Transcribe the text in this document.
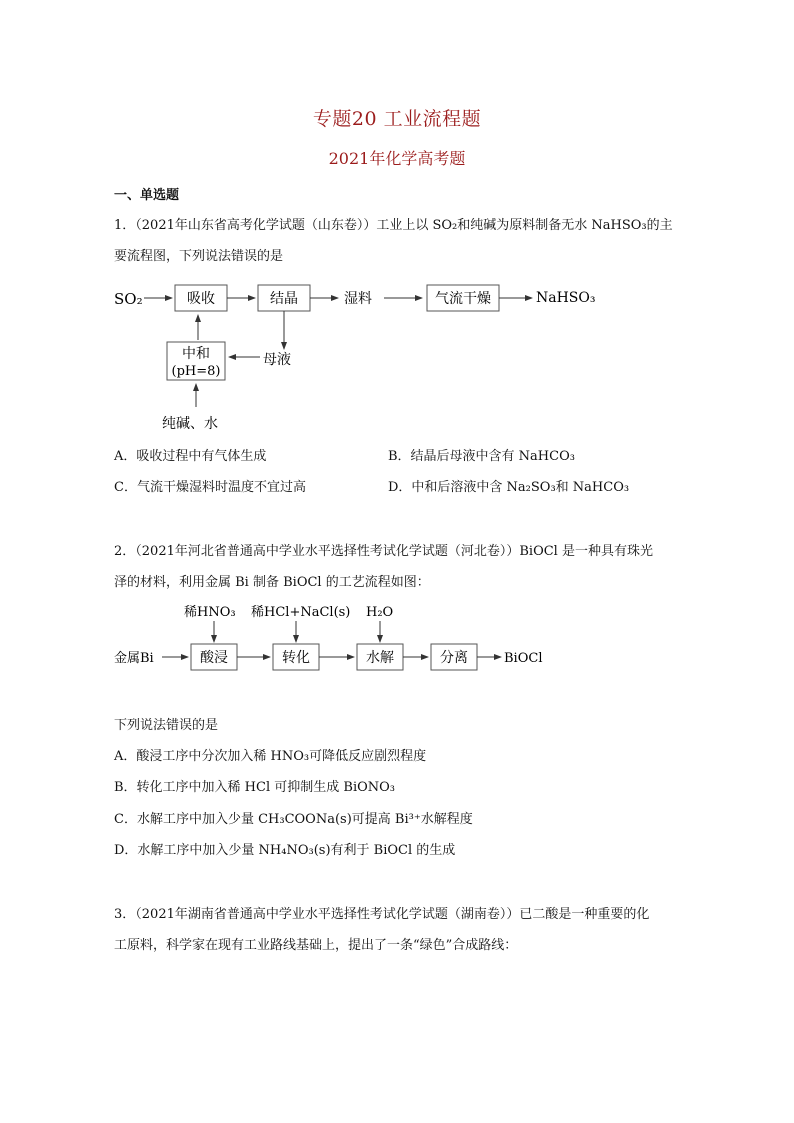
专题20 工业流程题
2021年化学高考题
一、单选题
1．（2021年山东省高考化学试题（山东卷））工业上以 SO₂和纯碱为原料制备无水 NaHSO₃的主
要流程图，下列说法错误的是
SO₂	吸收	结晶	湿料	气流干燥	NaHSO₃
中和
(pH=8)
母液
纯碱、水
A．吸收过程中有气体生成	B．结晶后母液中含有 NaHCO₃
C．气流干燥湿料时温度不宜过高	D．中和后溶液中含 Na₂SO₃和 NaHCO₃
2．（2021年河北省普通高中学业水平选择性考试化学试题（河北卷））BiOCl 是一种具有珠光
泽的材料，利用金属 Bi 制备 BiOCl 的工艺流程如图：
稀HNO₃ 稀HCl+NaCl(s) H₂O
金属Bi	酸浸	转化	水解	分离	BiOCl
下列说法错误的是
A．酸浸工序中分次加入稀 HNO₃可降低反应剧烈程度
B．转化工序中加入稀 HCl 可抑制生成 BiONO₃
C．水解工序中加入少量 CH₃COONa(s)可提高 Bi³⁺水解程度
D．水解工序中加入少量 NH₄NO₃(s)有利于 BiOCl 的生成
3．（2021年湖南省普通高中学业水平选择性考试化学试题（湖南卷））已二酸是一种重要的化
工原料，科学家在现有工业路线基础上，提出了一条“绿色”合成路线：
